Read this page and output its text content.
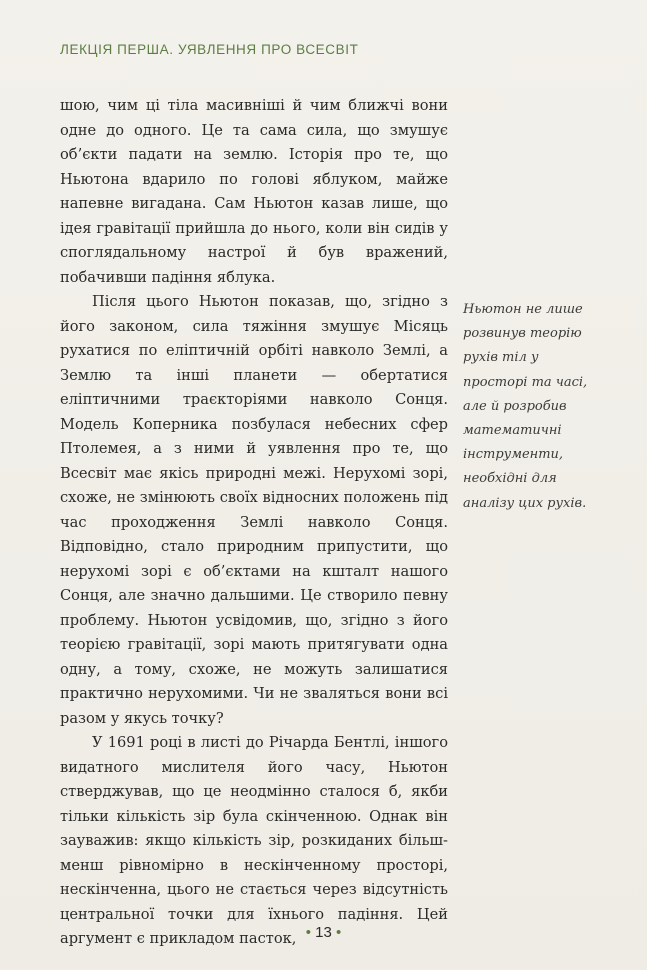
ЛЕКЦІЯ ПЕРША. УЯВЛЕННЯ ПРО ВСЕСВІТ

шою, чим ці тіла масивніші й чим ближчі вони одне до одного. Це та сама сила, що змушує об’єкти падати на землю. Історія про те, що Ньютона вдарило по голові яблуком, майже напевне вигадана. Сам Ньютон казав лише, що ідея гравітації прийшла до нього, коли він сидів у споглядальному настрої й був вражений, побачивши падіння яблука.

Після цього Ньютон показав, що, згідно з його законом, сила тяжіння змушує Місяць рухатися по еліптичній орбіті навколо Землі, а Землю та інші планети — обертатися еліптичними траєкторіями навколо Сонця. Модель Коперника позбулася небесних сфер Птолемея, а з ними й уявлення про те, що Всесвіт має якісь природні межі. Нерухомі зорі, схоже, не змінюють своїх відносних положень під час проходження Землі навколо Сонця. Відповідно, стало природним припустити, що нерухомі зорі є об’єктами на кшталт нашого Сонця, але значно дальшими. Це створило певну проблему. Ньютон усвідомив, що, згідно з його теорією гравітації, зорі мають притягувати одна одну, а тому, схоже, не можуть залишатися практично нерухомими. Чи не зваляться вони всі разом у якусь точку?

У 1691 році в листі до Річарда Бентлі, іншого видатного мислителя його часу, Ньютон стверджував, що це неодмінно сталося б, якби тільки кількість зір була скінченною. Однак він зауважив: якщо кількість зір, розкиданих більш-менш рівномірно в нескінченному просторі, нескінченна, цього не стається через відсутність центральної точки для їхнього падіння. Цей аргумент є прикладом пасток,

Ньютон не лише розвинув теорію рухів тіл у просторі та часі, але й розробив математичні інструменти, необхідні для аналізу цих рухів.
• 13 •
